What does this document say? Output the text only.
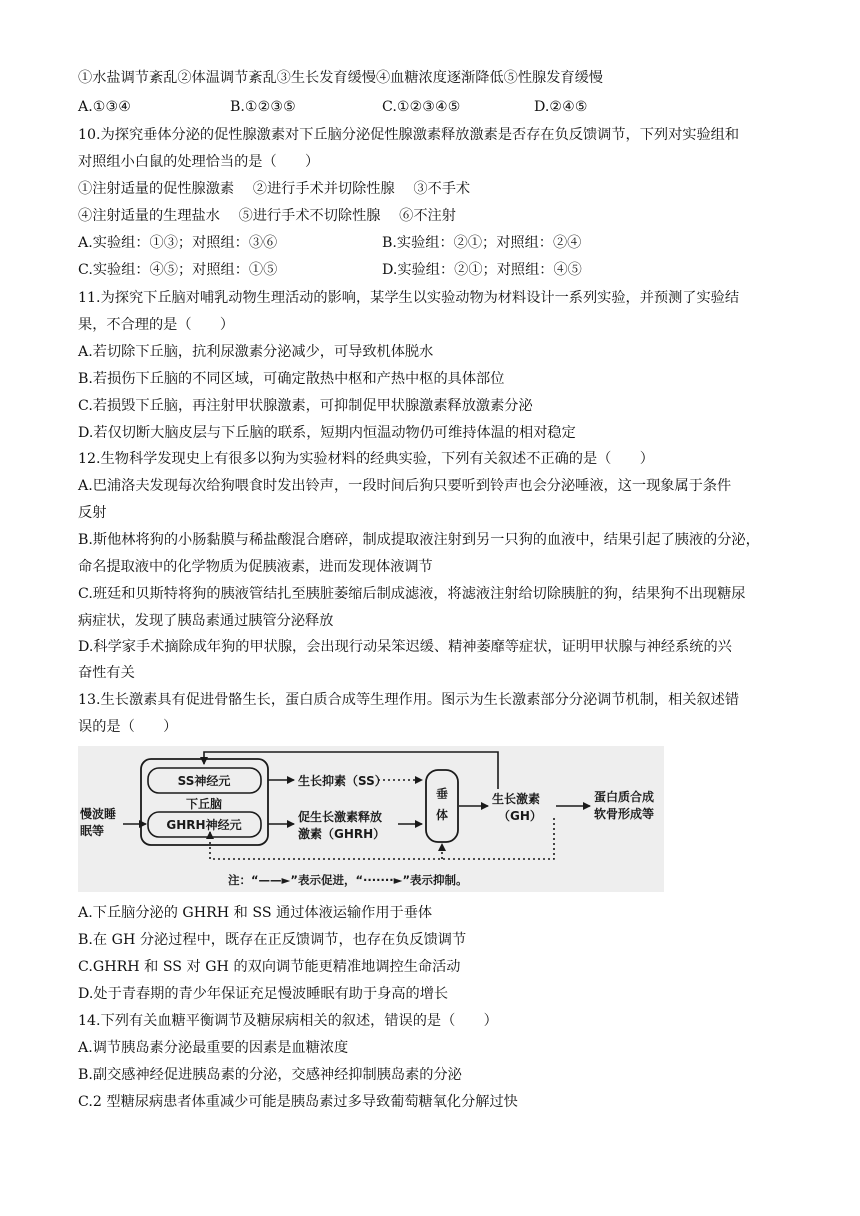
①水盐调节紊乱②体温调节紊乱③生长发育缓慢④血糖浓度逐渐降低⑤性腺发育缓慢
A.①③④	B.①②③⑤	C.①②③④⑤	D.②④⑤
10.为探究垂体分泌的促性腺激素对下丘脑分泌促性腺激素释放激素是否存在负反馈调节，下列对实验组和
对照组小白鼠的处理恰当的是（　　）
①注射适量的促性腺激素　 ②进行手术并切除性腺　 ③不手术
④注射适量的生理盐水　 ⑤进行手术不切除性腺　 ⑥不注射
A.实验组：①③；对照组：③⑥	B.实验组：②①；对照组：②④
C.实验组：④⑤；对照组：①⑤	D.实验组：②①；对照组：④⑤
11.为探究下丘脑对哺乳动物生理活动的影响，某学生以实验动物为材料设计一系列实验，并预测了实验结
果，不合理的是（　　）
A.若切除下丘脑，抗利尿激素分泌减少，可导致机体脱水
B.若损伤下丘脑的不同区域，可确定散热中枢和产热中枢的具体部位
C.若损毁下丘脑，再注射甲状腺激素，可抑制促甲状腺激素释放激素分泌
D.若仅切断大脑皮层与下丘脑的联系，短期内恒温动物仍可维持体温的相对稳定
12.生物科学发现史上有很多以狗为实验材料的经典实验，下列有关叙述不正确的是（　　）
A.巴浦洛夫发现每次给狗喂食时发出铃声，一段时间后狗只要听到铃声也会分泌唾液，这一现象属于条件
反射
B.斯他林将狗的小肠黏膜与稀盐酸混合磨碎，制成提取液注射到另一只狗的血液中，结果引起了胰液的分泌，
命名提取液中的化学物质为促胰液素，进而发现体液调节
C.班廷和贝斯特将狗的胰液管结扎至胰脏萎缩后制成滤液，将滤液注射给切除胰脏的狗，结果狗不出现糖尿
病症状，发现了胰岛素通过胰管分泌释放
D.科学家手术摘除成年狗的甲状腺，会出现行动呆笨迟缓、精神萎靡等症状，证明甲状腺与神经系统的兴
奋性有关
13.生长激素具有促进骨骼生长，蛋白质合成等生理作用。图示为生长激素部分分泌调节机制，相关叙述错
误的是（　　）
SS神经元
下丘脑
GHRH神经元
慢波睡
眠等
生长抑素（SS）
促生长激素释放
激素（GHRH）
垂
体
生长激素
（GH）
蛋白质合成
软骨形成等
注：“——►”表示促进，“·······►”表示抑制。
A.下丘脑分泌的 GHRH 和 SS 通过体液运输作用于垂体
B.在 GH 分泌过程中，既存在正反馈调节，也存在负反馈调节
C.GHRH 和 SS 对 GH 的双向调节能更精准地调控生命活动
D.处于青春期的青少年保证充足慢波睡眠有助于身高的增长
14.下列有关血糖平衡调节及糖尿病相关的叙述，错误的是（　　）
A.调节胰岛素分泌最重要的因素是血糖浓度
B.副交感神经促进胰岛素的分泌，交感神经抑制胰岛素的分泌
C.2 型糖尿病患者体重减少可能是胰岛素过多导致葡萄糖氧化分解过快
